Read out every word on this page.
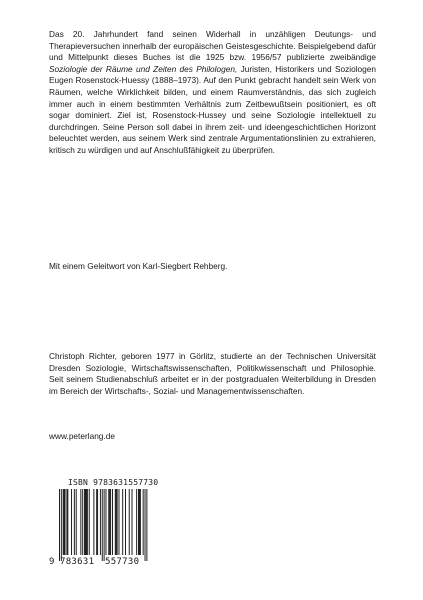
Das 20. Jahrhundert fand seinen Widerhall in unzähligen Deutungs- und Therapieversuchen innerhalb der europäischen Geistesgeschichte. Beispielgebend dafür und Mittelpunkt dieses Buches ist die 1925 bzw. 1956/57 publizierte zweibändige Soziologie der Räume und Zeiten des Philologen, Juristen, Historikers und Soziologen Eugen Rosenstock-Huessy (1888–1973). Auf den Punkt gebracht handelt sein Werk von Räumen, welche Wirklichkeit bilden, und einem Raumverständnis, das sich zugleich immer auch in einem bestimmten Verhältnis zum Zeitbewußtsein positioniert, es oft sogar dominiert. Ziel ist, Rosenstock-Hussey und seine Soziologie intellektuell zu durchdringen. Seine Person soll dabei in ihrem zeit- und ideengeschichtlichen Horizont beleuchtet werden, aus seinem Werk sind zentrale Argumentationslinien zu extrahieren, kritisch zu würdigen und auf Anschlußfähigkeit zu überprüfen.

Mit einem Geleitwort von Karl-Siegbert Rehberg.

Christoph Richter, geboren 1977 in Görlitz, studierte an der Technischen Universität Dresden Soziologie, Wirtschaftswissenschaften, Politikwissenschaft und Philosophie. Seit seinem Studienabschluß arbeitet er in der postgradualen Weiterbildung in Dresden im Bereich der Wirtschafts-, Sozial- und Managementwissenschaften.

www.peterlang.de

ISBN 9783631557730
9 783631 557730
